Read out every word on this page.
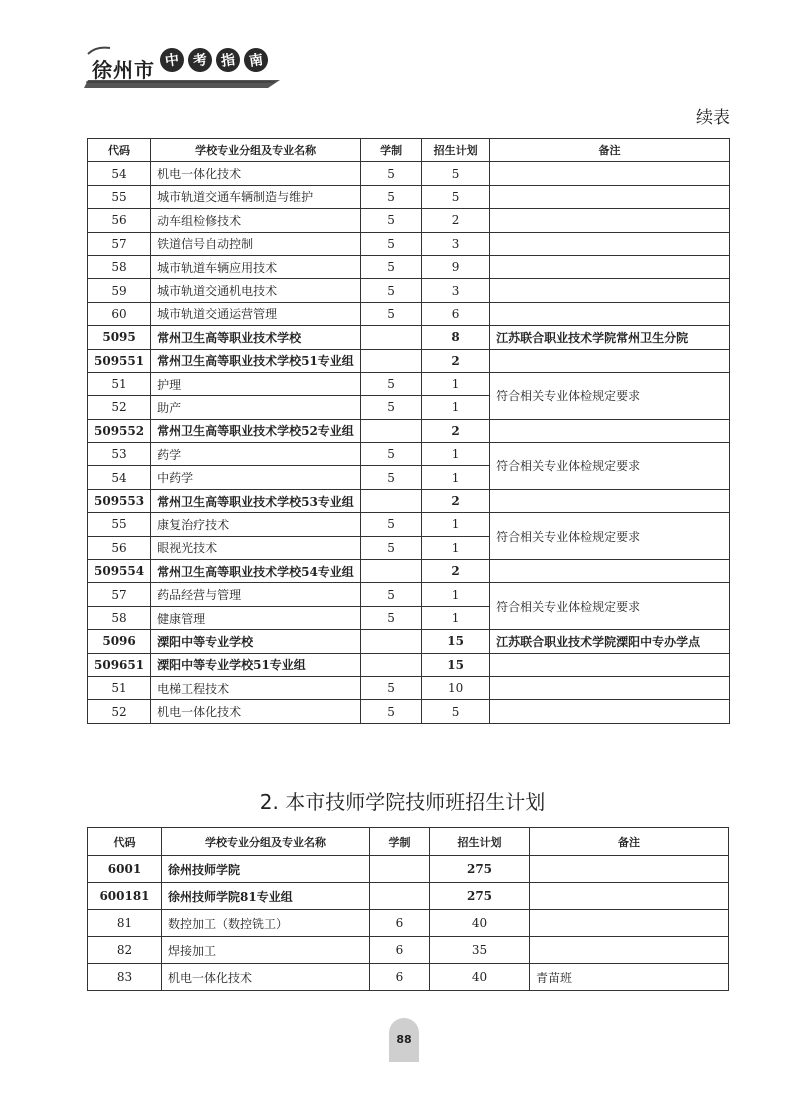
徐州市 中 考 指 南
续表
代码	学校专业分组及专业名称	学制	招生计划	备注
54	机电一体化技术	5	5	
55	城市轨道交通车辆制造与维护	5	5	
56	动车组检修技术	5	2	
57	铁道信号自动控制	5	3	
58	城市轨道车辆应用技术	5	9	
59	城市轨道交通机电技术	5	3	
60	城市轨道交通运营管理	5	6	
5095	常州卫生高等职业技术学校		8	江苏联合职业技术学院常州卫生分院
509551	常州卫生高等职业技术学校51专业组		2	
51	护理	5	1	符合相关专业体检规定要求
52	助产	5	1	
509552	常州卫生高等职业技术学校52专业组		2	
53	药学	5	1	符合相关专业体检规定要求
54	中药学	5	1	
509553	常州卫生高等职业技术学校53专业组		2	
55	康复治疗技术	5	1	符合相关专业体检规定要求
56	眼视光技术	5	1	
509554	常州卫生高等职业技术学校54专业组		2	
57	药品经营与管理	5	1	符合相关专业体检规定要求
58	健康管理	5	1	
5096	溧阳中等专业学校		15	江苏联合职业技术学院溧阳中专办学点
509651	溧阳中等专业学校51专业组		15	
51	电梯工程技术	5	10	
52	机电一体化技术	5	5	
2. 本市技师学院技师班招生计划
代码	学校专业分组及专业名称	学制	招生计划	备注
6001	徐州技师学院		275	
600181	徐州技师学院81专业组		275	
81	数控加工（数控铣工）	6	40	
82	焊接加工	6	35	
83	机电一体化技术	6	40	青苗班
88
